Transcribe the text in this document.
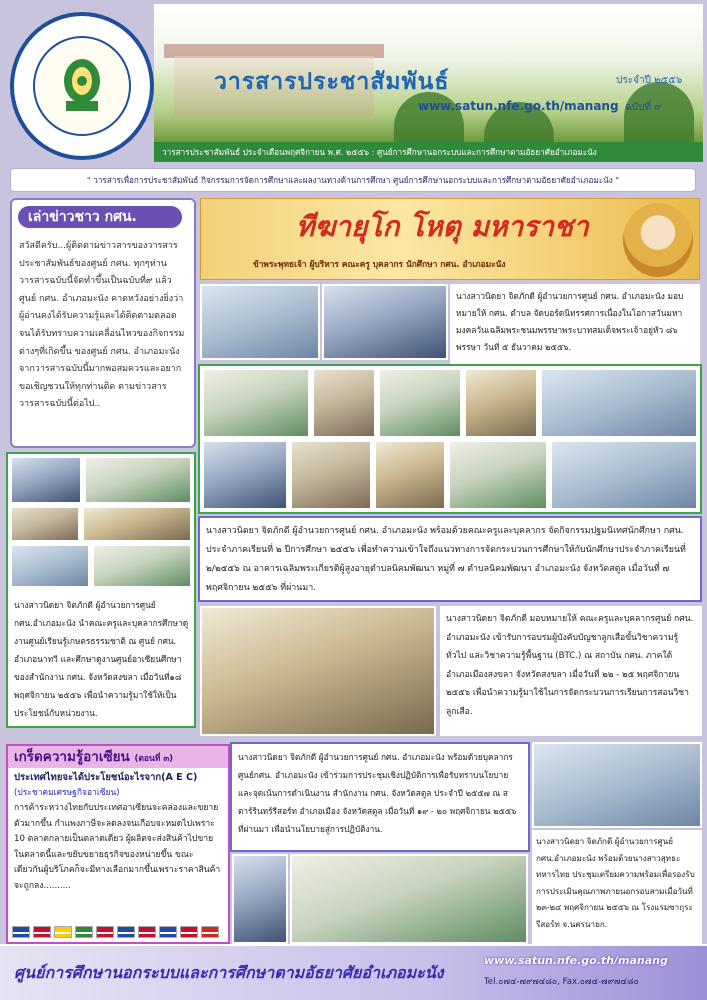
วารสารประชาสัมพันธ์	ประจำปี ๒๕๕๖
www.satun.nfe.go.th/manang ฉบับที่ ๙
วารสารประชาสัมพันธ์ ประจำเดือนพฤศจิกายน พ.ศ. ๒๕๕๖ : ศูนย์การศึกษานอกระบบและการศึกษาตามอัธยาศัยอำเภอมะนัง
" วารสารเพื่อการประชาสัมพันธ์ กิจกรรมการจัดการศึกษาและผลงานทางด้านการศึกษา ศูนย์การศึกษานอกระบบและการศึกษาตามอัธยาศัยอำเภอมะนัง "
สวัสดีครับ...ผู้ติดตามข่าวสารของวารสารประชาสัมพันธ์ของศูนย์ กศน. ทุกๆท่าน วารสารฉบับนี้จัดทำขึ้นเป็นฉบับที่๙ แล้ว ศูนย์ กศน. อำเภอมะนัง คาดหวังอย่างยิ่งว่าผู้อ่านคงได้รับความรู้และได้ติดตามตลอดจนได้รับทราบความเคลื่อนไหวของกิจกรรมต่างๆที่เกิดขึ้น ของศูนย์ กศน. อำเภอมะนัง จากวารสารฉบับนี้มากพอสมควรและอยากขอเชิญชวนให้ทุกท่านติด ตามข่าวสารวารสารฉบับนี้ต่อไป..
เล่าข่าวชาว กศน.	ทีฆายุโก โหตุ มหาราชา
ข้าพระพุทธเจ้า ผู้บริหาร คณะครู บุคลากร นักศึกษา กศน. อำเภอมะนัง
นางสาวนิดยา จิตภักดี ผู้อำนวยการศูนย์ กศน. อำเภอมะนัง มอบหมายให้ กศน. ตำบล จัดบอร์ดนิทรรศการเนื่องในโอกาสวันมหามงคลวันเฉลิมพระชนมพรรษาพระบาทสมเด็จพระเจ้าอยู่หัว ๘๖ พรรษา วันที่ ๕ ธันวาคม ๒๕๕๖.
นางสาวนิดยา จิตภักดี ผู้อำนวยการศูนย์ กศน.อำเภอมะนัง นำคณะครูและบุคลากรศึกษาดูงานศูนย์เรียนรู้เกษตรธรรมชาติ ณ ศูนย์ กศน. อำเภอนาทวี และศึกษาดูงานศูนย์อาเซียนศึกษาของสำนักงาน กศน. จังหวัดสงขลา เมื่อวันที่๑๘ พฤศจิกายน ๒๕๕๖ เพื่อนำความรู้มาใช้ให้เป็นประโยชน์กับหน่วยงาน.
นางสาวนิดยา จิตภักดี ผู้อำนวยการศูนย์ กศน. อำเภอมะนัง พร้อมด้วยคณะครูและบุคลากร จัดกิจกรรมปฐมนิเทศนักศึกษา กศน. ประจำภาคเรียนที่ ๒ ปีการศึกษา ๒๕๕๖ เพื่อทำความเข้าใจถึงแนวทางการจัดกระบวนการศึกษาให้กับนักศึกษาประจำภาคเรียนที่ ๒/๒๕๕๖ ณ อาคารเฉลิมพระเกียรติผู้สูงอายุตำบลนิคมพัฒนา หมู่ที่ ๗ ตำบลนิคมพัฒนา อำเภอมะนัง จังหวัดสตูล เมื่อวันที่ ๗ พฤศจิกายน ๒๕๕๖ ที่ผ่านมา.
นางสาวนิดยา จิตภักดี มอบหมายให้ คณะครูและบุคลากรศูนย์ กศน. อำเภอมะนัง เข้ารับการอบรมผู้บังคับบัญชาลูกเสือขั้นวิชาความรู้ทั่วไป และวิชาความรู้พื้นฐาน (BTC.) ณ สถาบัน กศน. ภาคใต้ อำเภอเมืองสงขลา จังหวัดสงขลา เมื่อวันที่ ๒๒ - ๒๕ พฤศจิกายน ๒๕๕๖ เพื่อนำความรู้มาใช้ในการจัดกระบวนการเรียนการสอนวิชาลูกเสือ.
นางสาวนิดยา จิตภักดี ผู้อำนวยการศูนย์ กศน. อำเภอมะนัง พร้อมด้วยบุคลากรศูนย์กศน. อำเภอมะนัง เข้าร่วมการประชุมเชิงปฏิบัติการเพื่อรับทราบนโยบายและจุดเน้นการดำเนินงาน สำนักงาน กศน. จังหวัดสตูล ประจำปี ๒๕๕๗ ณ สตาร์รินทร์รีสอร์ท อำเภอเมือง จังหวัดสตูล เมื่อวันที่ ๑๙ - ๒๐ พฤศจิกายน ๒๕๕๖ ที่ผ่านมา เพื่อนำนโยบายสู่การปฏิบัติงาน.
นางสาวนิดยา จิตภักดี ผู้อำนวยการศูนย์ กศน.อำเภอมะนัง พร้อมด้วยนางสาวสุทธะ ทหารไทย ประชุมเตรียมความพร้อมเพื่อรองรับการประเมินคุณภาพภายนอกรอบสามเมื่อวันที่ ๒๓-๒๔ พฤศจิกายน ๒๕๕๖ ณ โรงแรมซากุระรีสอร์ท จ.นครนายก.
เกร็ดความรู้อาเซียน (ตอนที่ ๓)
ประเทศไทยจะได้ประโยชน์อะไรจาก(A E C)
(ประชาคมเศรษฐกิจอาเซียน)
การค้าระหว่างไทยกับประเทศอาเซียนจะคล่องและขยายตัวมากขึ้น กำแพงภาษีจะลดลงจนเกือบจะหมดไปเพราะ 10 ตลาดกลายเป็นตลาดเดียว ผู้ผลิตจะส่งสินค้าไปขายในตลาดนี้และขยับขยายธุรกิจของหน่ายขึ้น ขณะเดียวกันผู้บริโภคก็จะมีทางเลือกมากขึ้นเพราะราคาสินค้าจะถูกลง..........
ศูนย์การศึกษานอกระบบและการศึกษาตามอัธยาศัยอำเภอมะนัง
www.satun.nfe.go.th/manang
Tel.๐๗๔-๗๙๗๔๘๐, Fax.๐๗๔-๗๙๗๔๘๐
